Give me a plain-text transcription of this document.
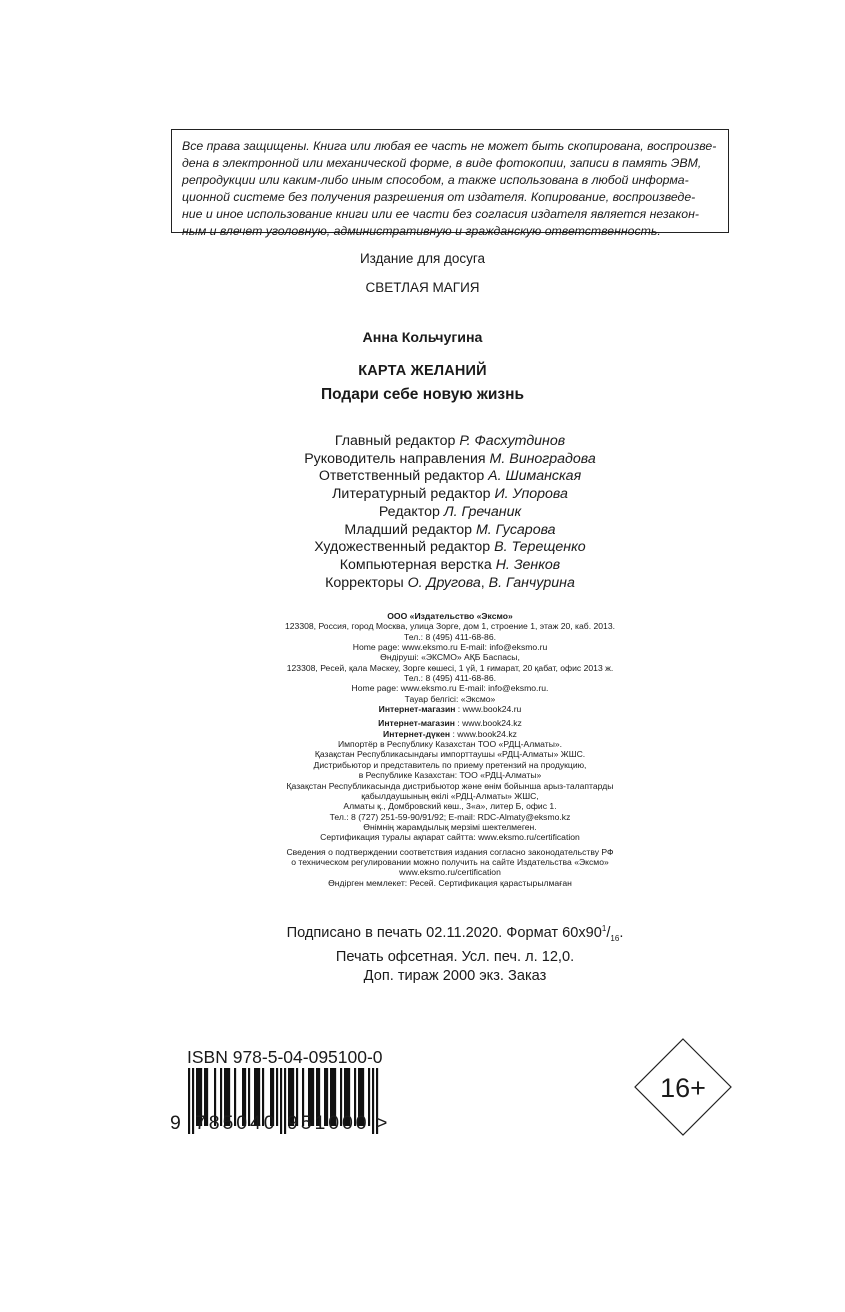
Все права защищены. Книга или любая ее часть не может быть скопирована, воспроизве-

дена в электронной или механической форме, в виде фотокопии, записи в память ЭВМ,

репродукции или каким-либо иным способом, а также использована в любой информа-

ционной системе без получения разрешения от издателя. Копирование, воспроизведе-

ние и иное использование книги или ее части без согласия издателя является незакон-

ным и влечет уголовную, административную и гражданскую ответственность.

Издание для досуга
СВЕТЛАЯ МАГИЯ
Анна Кольчугина
КАРТА ЖЕЛАНИЙ
Подари себе новую жизнь
Главный редактор Р. Фасхутдинов
Руководитель направления М. Виноградова
Ответственный редактор А. Шиманская
Литературный редактор И. Упорова
Редактор Л. Гречаник
Младший редактор М. Гусарова
Художественный редактор В. Терещенко
Компьютерная верстка Н. Зенков
Корректоры О. Другова, В. Ганчурина
ООО «Издательство «Эксмо»
123308, Россия, город Москва, улица Зорге, дом 1, строение 1, этаж 20, каб. 2013.
Тел.: 8 (495) 411-68-86.
Home page: www.eksmo.ru E-mail: info@eksmo.ru
Өндіруші: «ЭКСМО» АҚБ Баспасы,
123308, Ресей, қала Мәскеу, Зорге көшесі, 1 үй, 1 ғимарат, 20 қабат, офис 2013 ж.
Тел.: 8 (495) 411-68-86.
Home page: www.eksmo.ru E-mail: info@eksmo.ru.
Тауар белгісі: «Эксмо»
Интернет-магазин : www.book24.ru
Интернет-магазин : www.book24.kz
Интернет-дүкен : www.book24.kz
Импортёр в Республику Казахстан ТОО «РДЦ-Алматы».
Қазақстан Республикасындағы импорттаушы «РДЦ-Алматы» ЖШС.
Дистрибьютор и представитель по приему претензий на продукцию,
в Республике Казахстан: ТОО «РДЦ-Алматы»
Қазақстан Республикасында дистрибьютор және өнім бойынша арыз-талаптарды
қабылдаушының өкілі «РДЦ-Алматы» ЖШС,
Алматы қ., Домбровский көш., 3«а», литер Б, офис 1.
Тел.: 8 (727) 251-59-90/91/92; E-mail: RDC-Almaty@eksmo.kz
Өнімнің жарамдылық мерзімі шектелмеген.
Сертификация туралы ақпарат сайтта: www.eksmo.ru/certification
Сведения о подтверждении соответствия издания согласно законодательству РФ
о техническом регулировании можно получить на сайте Издательства «Эксмо»
www.eksmo.ru/certification
Өндірген мемлекет: Ресей. Сертификация қарастырылмаған
Подписано в печать 02.11.2020. Формат $60x90^1/_{16}$.
Печать офсетная. Усл. печ. л. 12,0.
Доп. тираж 2000 экз. Заказ
ISBN 978-5-04-095100-0
9 785040 951000 >
16+
